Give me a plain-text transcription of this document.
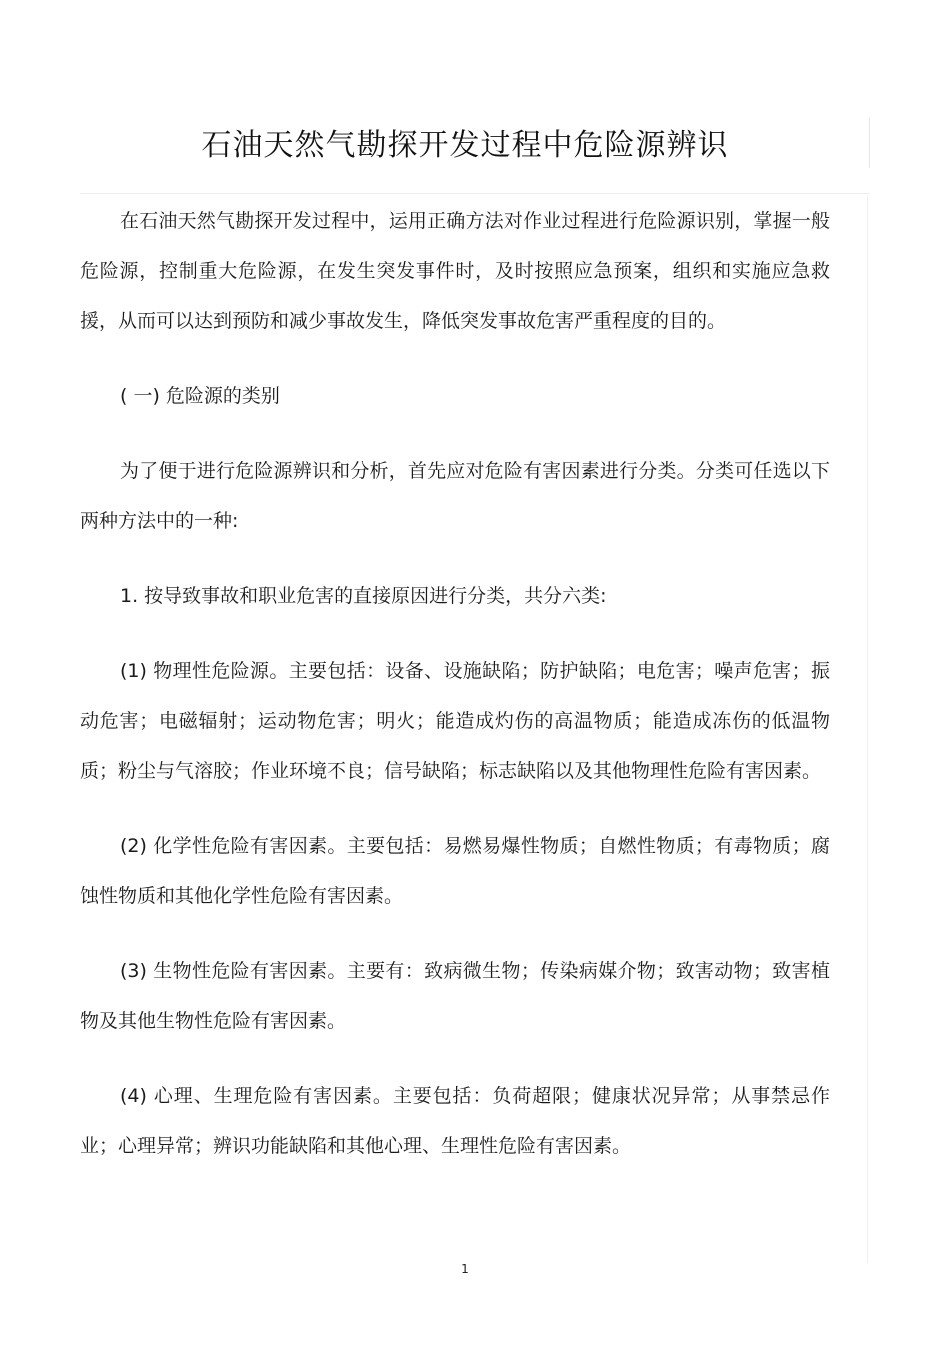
石油天然气勘探开发过程中危险源辨识

在石油天然气勘探开发过程中，运用正确方法对作业过程进行危险源识别，掌握一般危险源，控制重大危险源，在发生突发事件时，及时按照应急预案，组织和实施应急救援，从而可以达到预防和减少事故发生，降低突发事故危害严重程度的目的。

( 一) 危险源的类别

为了便于进行危险源辨识和分析，首先应对危险有害因素进行分类。分类可任选以下两种方法中的一种:

1. 按导致事故和职业危害的直接原因进行分类，共分六类:

(1) 物理性危险源。主要包括：设备、设施缺陷；防护缺陷；电危害；噪声危害；振动危害；电磁辐射；运动物危害；明火；能造成灼伤的高温物质；能造成冻伤的低温物质；粉尘与气溶胶；作业环境不良；信号缺陷；标志缺陷以及其他物理性危险有害因素。

(2) 化学性危险有害因素。主要包括：易燃易爆性物质；自燃性物质；有毒物质；腐蚀性物质和其他化学性危险有害因素。

(3) 生物性危险有害因素。主要有：致病微生物；传染病媒介物；致害动物；致害植物及其他生物性危险有害因素。

(4) 心理、生理危险有害因素。主要包括：负荷超限；健康状况异常；从事禁忌作业；心理异常；辨识功能缺陷和其他心理、生理性危险有害因素。

1
